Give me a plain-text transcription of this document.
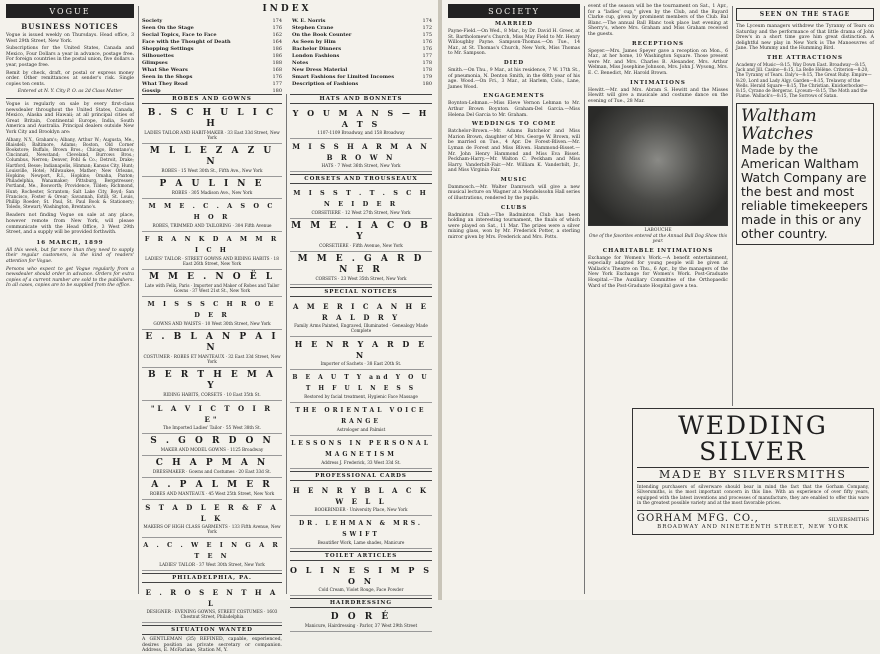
VOGUE
BUSINESS NOTICES

Vogue is issued weekly on Thursdays. Head office, 3 West 29th Street, New York.

Subscriptions for the United States, Canada and Mexico, Four Dollars a year in advance, postage free. For foreign countries in the postal union, five dollars a year, postage free.

Remit by check, draft, or postal or express money order. Other remittances at sender's risk. Single copies ten cents.

Entered at N. Y. City P. O. as 2d Class Matter
Vogue is regularly on sale by every first-class newsdealer throughout the United States, Canada, Mexico, Alaska and Hawaii; at all principal cities of Great Britain, Continental Europe, India, South America and Australia. Principal dealers outside New York City and Brooklyn are:
Albany, N.Y., Graham's; Albany, Arthur W.; Augusta, Me., Blaisdell; Baltimore, Adams; Boston, Old Corner Bookstore; Buffalo, Brown Bros.; Chicago, Brentano's; Cincinnati, Newstand; Cleveland, Burrows Bros.; Columbus, Nerren; Denver, Pohl & Co.; Detroit, Drake; Hartford, Besse; Indianapolis, Hinman; Kansas City, Hunt; Louisville, Hotel; Milwaukee, Mather; New Orleans, Hopkins; Newport, R.I., Hopkins; Omaha, Paxton; Philadelphia, Wanamaker; Pittsburg, Bergstresser; Portland, Me., Bosworth; Providence, Tilden; Richmond, Hunt; Rochester, Scrantom; Salt Lake City, Boyd; San Francisco, Foster & Orear; Savannah, Estill; St. Louis, Phillip Roeder; St. Paul, St. Paul Book & Stationery; Toledo, Stewart; Washington, Brentano's.
Readers not finding Vogue on sale at any place, however remote from New York, will please communicate with the Head Office, 3 West 29th Street, and a supply will be provided forthwith.
16 MARCH, 1899
All this week, but far more than they need to supply their regular customers, is the kind of readers' attention for Vogue.
Persons who expect to get Vogue regularly from a newsdealer should order in advance. Orders for extra copies of a current number are sold to the publishers. In all cases, copies are to be supplied from the office.
INDEX
Society	174
Seen On the Stage	176
Social Topics, Face to Face	162
Face with the Thought of Death	164
Shopping Settings	186
Silhouettes	186
Glimpses	188
What She Wears	168
Seen in the Shops	176
What They Read	177
Gossip	180
W. E. Norris	174
Stephen Crane	172
On the Book Counter	175
As Seen by Him	176
Bachelor Dinners	176
London Fashions	177
Notes	178
New Dress Material	178
Smart Fashions for Limited Incomes	179
Description of Fashions	180
ROBES AND GOWNS
B. S C H U L I C H
LADIES TAILOR AND HABIT-MAKER · 33 East 33d Street, New York
M L L E Z A Z U N
ROBES · 15 West 30th St., Fifth Ave., New York
P A U L I N E
ROBES · 305 Madison Ave., New York
M M E . C . A S O C H O R
ROBES, TRIMMED AND TAILORING · 304 Fifth Avenue
F R A N K D A M M R I C H
LADIES' TAILOR · STREET GOWNS AND RIDING HABITS · 18 East 26th Street, New York
M M E . N O Ë L
Late with Felix, Paris · Importer and Maker of Robes and Tailor Gowns · 37 West 21st St., New York
M I S S S C H R O E D E R
GOWNS AND WAISTS · 10 West 30th Street, New York
E . B L A N P A I N
COSTUMER · ROBES ET MANTEAUX · 32 East 33d Street, New York
B E R T H E M A Y
RIDING HABITS, CORSETS · 10 East 35th St.
"L A V I C T O I R E"
The Imported Ladies' Tailor · 55 West 38th St.
S . G O R D O N
MAKER AND MODEL GOWNS · 1125 Broadway
C H A P M A N
DRESSMAKER · Gowns and Costumes · 20 East 33d St.
A . P A L M E R
ROBES AND MANTEAUX · 45 West 25th Street, New York
S T A D L E R & F A L K
MAKERS OF HIGH CLASS GARMENTS · 133 Fifth Avenue, New York
A . C . W E I N G A R T E N
LADIES' TAILOR · 37 West 30th Street, New York
PHILADELPHIA, PA.
E . R O S E N T H A L
DESIGNER · EVENING GOWNS, STREET COSTUMES · 1603 Chestnut Street, Philadelphia
SITUATION WANTED
A GENTLEMAN (35) REFINED, capable, experienced, desires position as private secretary or companion. Address, E. McFarlane, Station M, Y.
HATS AND BONNETS
Y O U M A N S — H A T S
1107-1109 Broadway, and 158 Broadway
M I S S H A R M A N B R O W N
HATS · 7 West 36th Street, New York
CORSETS AND TROUSSEAUX
M I S S T . T . S C H N E I D E R
CORSETIERE · 12 West 27th Street, New York
M M E . I A C O B Y
CORSETIERE · Fifth Avenue, New York
M M E . G A R D N E R
CORSETS · 23 West 35th Street, New York
SPECIAL NOTICES
A M E R I C A N H E R A L D R Y
Family Arms Painted, Engraved, Illuminated · Genealogy Made Complete
H E N R Y A R D E N
Importer of Sachets · 38 East 20th St.
B E A U T Y and Y O U T H F U L N E S S
Restored by facial treatment, Hygienic Face Massage
THE ORIENTAL VOICE RANGE
Astrologer and Palmist
LESSONS IN PERSONAL MAGNETISM
Address J. Frederick, 33 West 33d St.
PROFESSIONAL CARDS
H E N R Y B L A C K W E L L
BOOKBINDER · University Place, New York
DR. LEHMAN & MRS. SWIFT
Beautifier Work, Lame shades, Manicure
TOILET ARTICLES
O L I N E S I M P S O N
Cold Cream, Violet Rouge, Face Powder
HAIRDRESSING
D O R É
Manicure, Hairdressing · Parlor, 37 West 29th Street
SOCIETY
MARRIED
Payne-Field.—On Wed., 8 Mar., by Dr. David H. Greer, at St. Bartholomew's Church, Miss May Field to Mr. Henry Willoughby Payne. Sampson-Thomas.—On Tue., 14 Mar., at St. Thomas's Church, New York, Miss Thomas to Mr. Sampson.
DIED
Smith.—On Thu., 9 Mar., at his residence, 7 W. 17th St., of pneumonia, N. Denton Smith, in the 68th year of his age. Wood.—On Fri., 3 Mar., at Harlem, Colo., Lane, James Wood.
ENGAGEMENTS
Boynton-Lehman.—Miss Eleve Vernon Lehman to Mr. Arthur Brown Boynton. Graham-Del Garcia.—Miss Helena Del Garcia to Mr. Graham.
WEDDINGS TO COME
Batchelor-Brown.—Mr. Adams Batchelor and Miss Marion Brown, daughter of Mrs. George W. Brown, will be married on Tue., 4 Apr. De Forest-Bliven.—Mr. Lyman de Forest and Miss Bliven. Hammond-Bisset.—Mr. John Henry Hammond and Miss Eva Bisset. Peckham-Harry.—Mr. Walton C. Peckham and Miss Harry. Vanderbilt-Fair.—Mr. William K. Vanderbilt, Jr., and Miss Virginia Fair.
MUSIC
Dammosch.—Mr. Walter Damrosch will give a new musical lecture on Wagner at a Mendelssohn Hall series of illustrations, rendered by the pupils.
CLUBS
Badminton Club.—The Badminton Club has been holding an interesting tournament, the finals of which were played on Sat., 11 Mar. The prizes were a silver mixing glass, won by Mr. Frederick Potter, a sterling mirror given by Mrs. Frederick and Mrs. Potts.
event of the season will be the tournament on Sat., 1 Apr., for a "ladies' cup," given by the Club, and the Bayard Clarke cup, given by prominent members of the Club. Bal Blanc.—The annual Ball Blanc took place last evening at Sherry's, where Mrs. Graham and Miss Graham received the guests.
RECEPTIONS
Speyer.—Mrs. James Speyer gave a reception on Mon., 6 Mar., at her home, 10 Washington Square. Those present were Mr. and Mrs. Charles B. Alexander, Mrs. Arthur Welman, Miss Josephine Johnson, Mrs. John J. Wysong, Mrs. E. C. Benedict, Mr. Harold Brown.
INTIMATIONS
Hewitt.—Mr. and Mrs. Abram S. Hewitt and the Misses Hewitt will give a musicale and costume dance on the evening of Tue., 28 Mar.
LABOUCHE
One of the favorites entered at the Annual Bull Dog Show this year.
CHARITABLE INTIMATIONS
Exchange for Women's Work.—A benefit entertainment, especially adapted for young people will be given at Wallack's Theatre on Thu., 6 Apr., by the managers of the New York Exchange for Women's Work. Post-Graduate Hospital.—The Auxiliary Committee of the Orthopaedic Ward of the Post-Graduate Hospital gave a tea.
SEEN ON THE STAGE
The Lyceum managers withdrew the Tyranny of Tears on Saturday and the performance of that little drama of John Drew's in a short time gave him great distinction. A delightful new play in New York is The Manoeuvres of Jane. The Mummy and the Humming Bird.
THE ATTRACTIONS
Academy of Music—8:15, Way Down East. Broadway—8:15, Jack and Jill. Casino—8:15, La Belle Hélène. Criterion—8:20, The Tyranny of Tears. Daly's—8:15, The Great Ruby. Empire—8:20, Lord and Lady Algy. Garden—8:15, Trelawny of the Wells. Herald Square—8:15, The Christian. Knickerbocker—8:15, Cyrano de Bergerac. Lyceum—8:15, The Moth and the Flame. Wallack's—8:15, The Sorrows of Satan.
Waltham Watches
Made by the American Waltham Watch Company are the best and most reliable timekeepers made in this or any other country.
WEDDING SILVER
MADE BY SILVERSMITHS
Intending purchasers of silverware should bear in mind the fact that the Gorham Company, Silversmiths, is the most important concern in this line. With an experience of over fifty years, equipped with the latest inventions and processes of manufacture, they are enabled to offer this ware in the greatest possible variety and at the most favorable prices.
GORHAM MFG. CO.,	SILVERSMITHS
BROADWAY AND NINETEENTH STREET, NEW YORK
